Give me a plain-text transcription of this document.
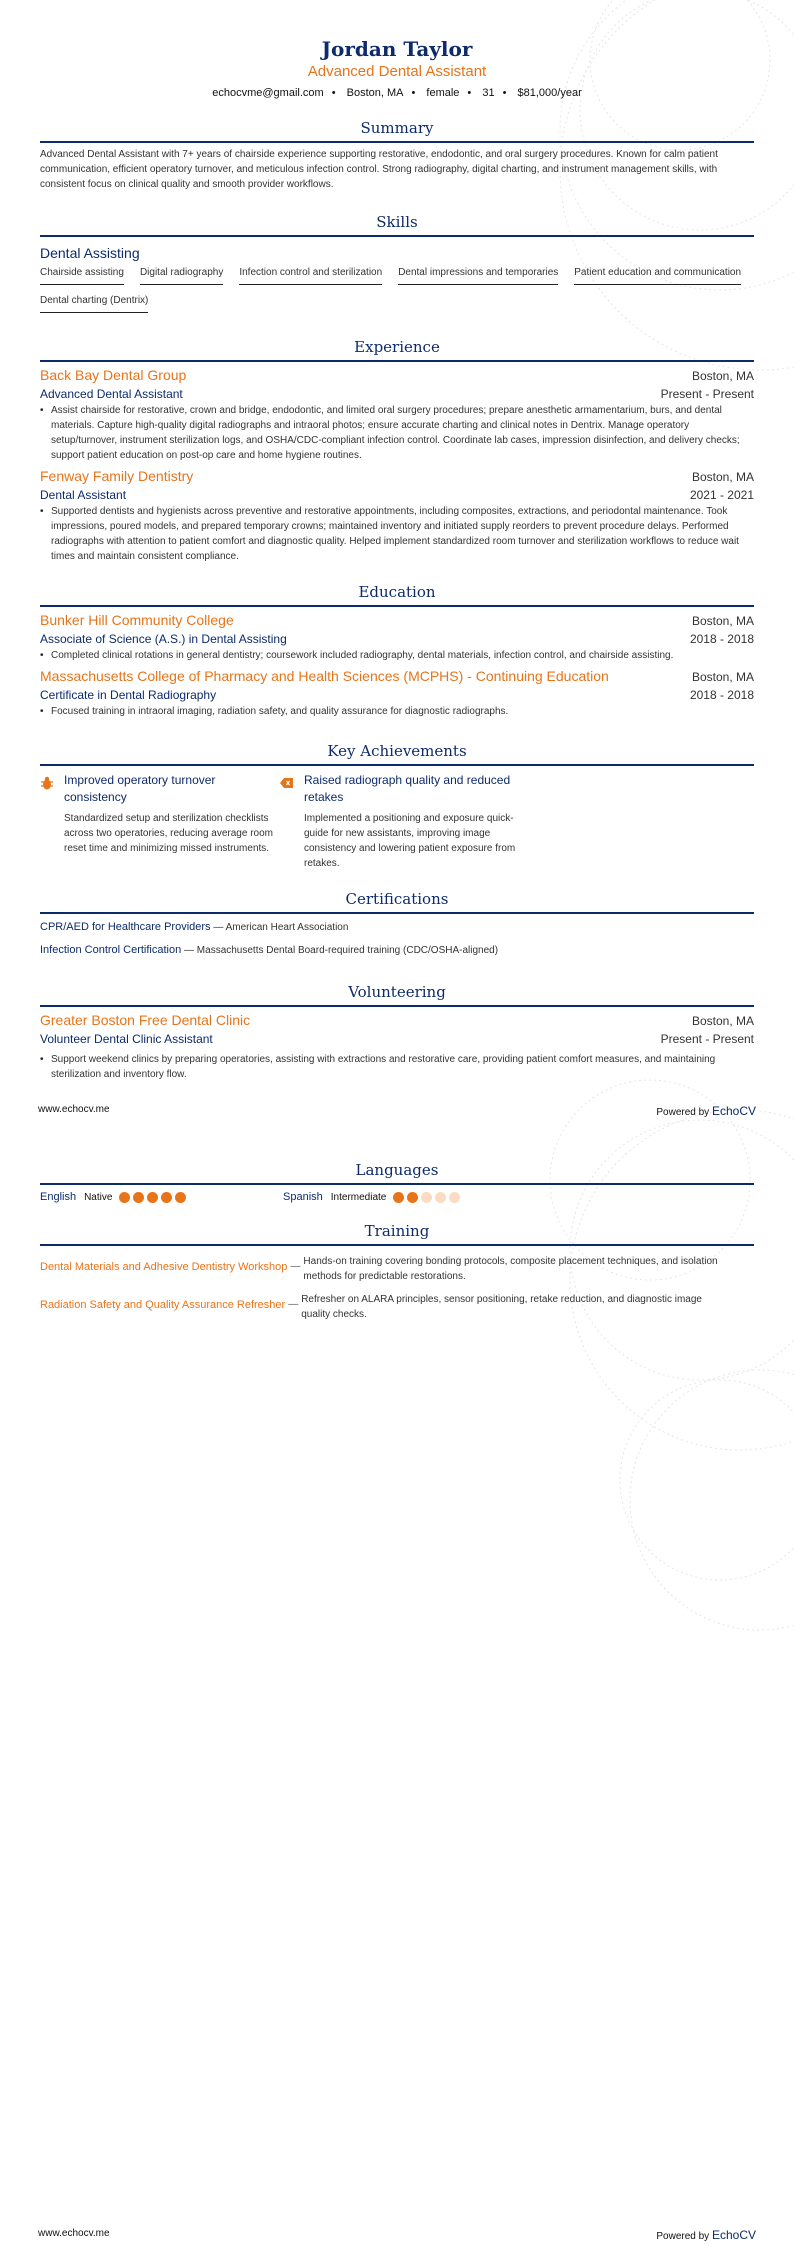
Jordan Taylor
Advanced Dental Assistant
echocvme@gmail.com • Boston, MA • female • 31 • $81,000/year
Summary
Advanced Dental Assistant with 7+ years of chairside experience supporting restorative, endodontic, and oral surgery procedures. Known for calm patient communication, efficient operatory turnover, and meticulous infection control. Strong radiography, digital charting, and instrument management skills, with consistent focus on clinical quality and smooth provider workflows.
Skills
Dental Assisting
Chairside assisting Digital radiography Infection control and sterilization Dental impressions and temporaries Patient education and communication
Dental charting (Dentrix)
Experience
Back Bay Dental Group	Boston, MA
Advanced Dental Assistant	Present - Present
• Assist chairside for restorative, crown and bridge, endodontic, and limited oral surgery procedures; prepare anesthetic armamentarium, burs, and dental materials. Capture high-quality digital radiographs and intraoral photos; ensure accurate charting and clinical notes in Dentrix. Manage operatory setup/turnover, instrument sterilization logs, and OSHA/CDC-compliant infection control. Coordinate lab cases, impression disinfection, and delivery checks; support patient education on post-op care and home hygiene routines.
Fenway Family Dentistry	Boston, MA
Dental Assistant	2021 - 2021
• Supported dentists and hygienists across preventive and restorative appointments, including composites, extractions, and periodontal maintenance. Took impressions, poured models, and prepared temporary crowns; maintained inventory and initiated supply reorders to prevent procedure delays. Performed radiographs with attention to patient comfort and diagnostic quality. Helped implement standardized room turnover and sterilization workflows to reduce wait times and maintain consistent compliance.
Education
Bunker Hill Community College	Boston, MA
Associate of Science (A.S.) in Dental Assisting	2018 - 2018
• Completed clinical rotations in general dentistry; coursework included radiography, dental materials, infection control, and chairside assisting.
Massachusetts College of Pharmacy and Health Sciences (MCPHS) - Continuing Education	Boston, MA
Certificate in Dental Radiography	2018 - 2018
• Focused training in intraoral imaging, radiation safety, and quality assurance for diagnostic radiographs.
Key Achievements
Improved operatory turnover consistency
Standardized setup and sterilization checklists across two operatories, reducing average room reset time and minimizing missed instruments.
Raised radiograph quality and reduced retakes
Implemented a positioning and exposure quick-guide for new assistants, improving image consistency and lowering patient exposure from retakes.
Certifications
CPR/AED for Healthcare Providers — American Heart Association
Infection Control Certification — Massachusetts Dental Board-required training (CDC/OSHA-aligned)
Volunteering
Greater Boston Free Dental Clinic	Boston, MA
Volunteer Dental Clinic Assistant	Present - Present
• Support weekend clinics by preparing operatories, assisting with extractions and restorative care, providing patient comfort measures, and maintaining sterilization and inventory flow.
www.echocv.me	Powered by EchoCV
Languages
English Native	Spanish Intermediate
Training
Dental Materials and Adhesive Dentistry Workshop — Hands-on training covering bonding protocols, composite placement techniques, and isolation methods for predictable restorations.
Radiation Safety and Quality Assurance Refresher — Refresher on ALARA principles, sensor positioning, retake reduction, and diagnostic image quality checks.
www.echocv.me	Powered by EchoCV
